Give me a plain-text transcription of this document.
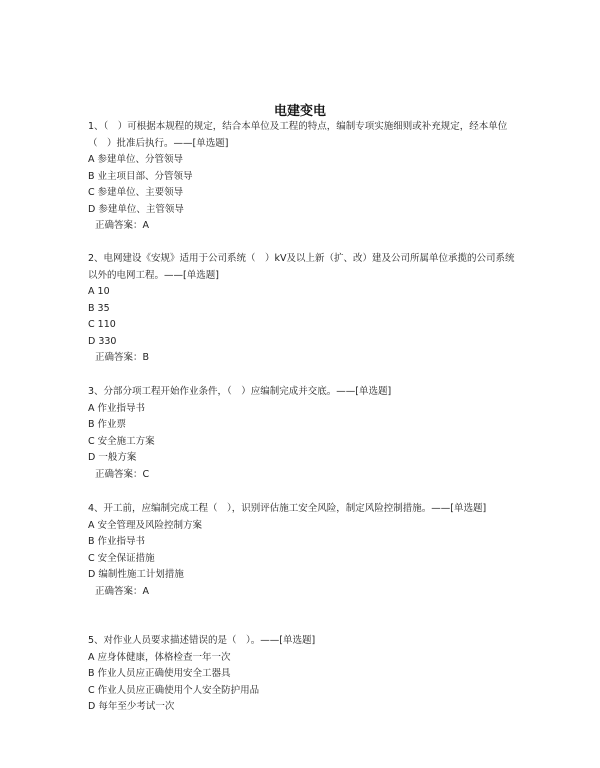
电建变电
1、（　）可根据本规程的规定，结合本单位及工程的特点，编制专项实施细则或补充规定，经本单位（　）批准后执行。——[单选题]
A 参建单位、分管领导
B 业主项目部、分管领导
C 参建单位、主要领导
D 参建单位、主管领导
正确答案：A
2、电网建设《安规》适用于公司系统（　）kV及以上新（扩、改）建及公司所属单位承揽的公司系统以外的电网工程。——[单选题]
A 10
B 35
C 110
D 330
正确答案：B
3、分部分项工程开始作业条件，（　）应编制完成并交底。——[单选题]
A 作业指导书
B 作业票
C 安全施工方案
D 一般方案
正确答案：C
4、开工前，应编制完成工程（　），识别评估施工安全风险，制定风险控制措施。——[单选题]
A 安全管理及风险控制方案
B 作业指导书
C 安全保证措施
D 编制性施工计划措施
正确答案：A
5、对作业人员要求描述错误的是（　）。——[单选题]
A 应身体健康，体格检查一年一次
B 作业人员应正确使用安全工器具
C 作业人员应正确使用个人安全防护用品
D 每年至少考试一次
